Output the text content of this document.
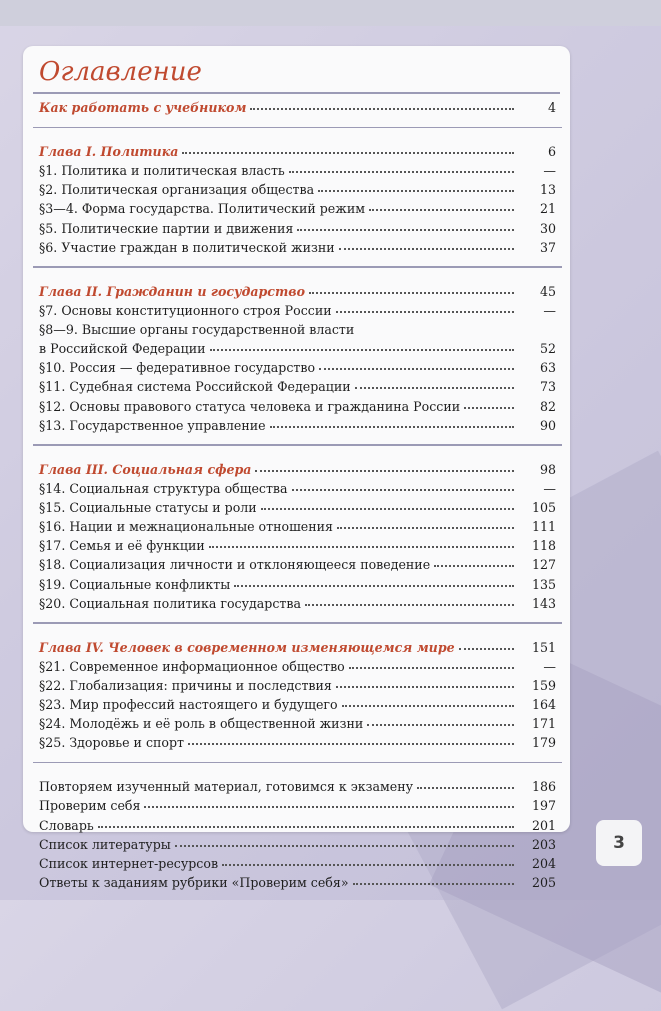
Оглавление
Как работать с учебником	4
Глава I. Политика	6
§1. Политика и политическая власть	—
§2. Политическая организация общества	13
§3—4. Форма государства. Политический режим	21
§5. Политические партии и движения	30
§6. Участие граждан в политической жизни	37
Глава II. Гражданин и государство	45
§7. Основы конституционного строя России	—
§8—9. Высшие органы государственной власти
в Российской Федерации	52
§10. Россия — федеративное государство	63
§11. Судебная система Российской Федерации	73
§12. Основы правового статуса человека и гражданина России	82
§13. Государственное управление	90
Глава III. Социальная сфера	98
§14. Социальная структура общества	—
§15. Социальные статусы и роли	105
§16. Нации и межнациональные отношения	111
§17. Семья и её функции	118
§18. Социализация личности и отклоняющееся поведение	127
§19. Социальные конфликты	135
§20. Социальная политика государства	143
Глава IV. Человек в современном изменяющемся мире	151
§21. Современное информационное общество	—
§22. Глобализация: причины и последствия	159
§23. Мир профессий настоящего и будущего	164
§24. Молодёжь и её роль в общественной жизни	171
§25. Здоровье и спорт	179
Повторяем изученный материал, готовимся к экзамену	186
Проверим себя	197
Словарь	201
Список литературы	203
Список интернет-ресурсов	204
Ответы к заданиям рубрики «Проверим себя»	205
3
